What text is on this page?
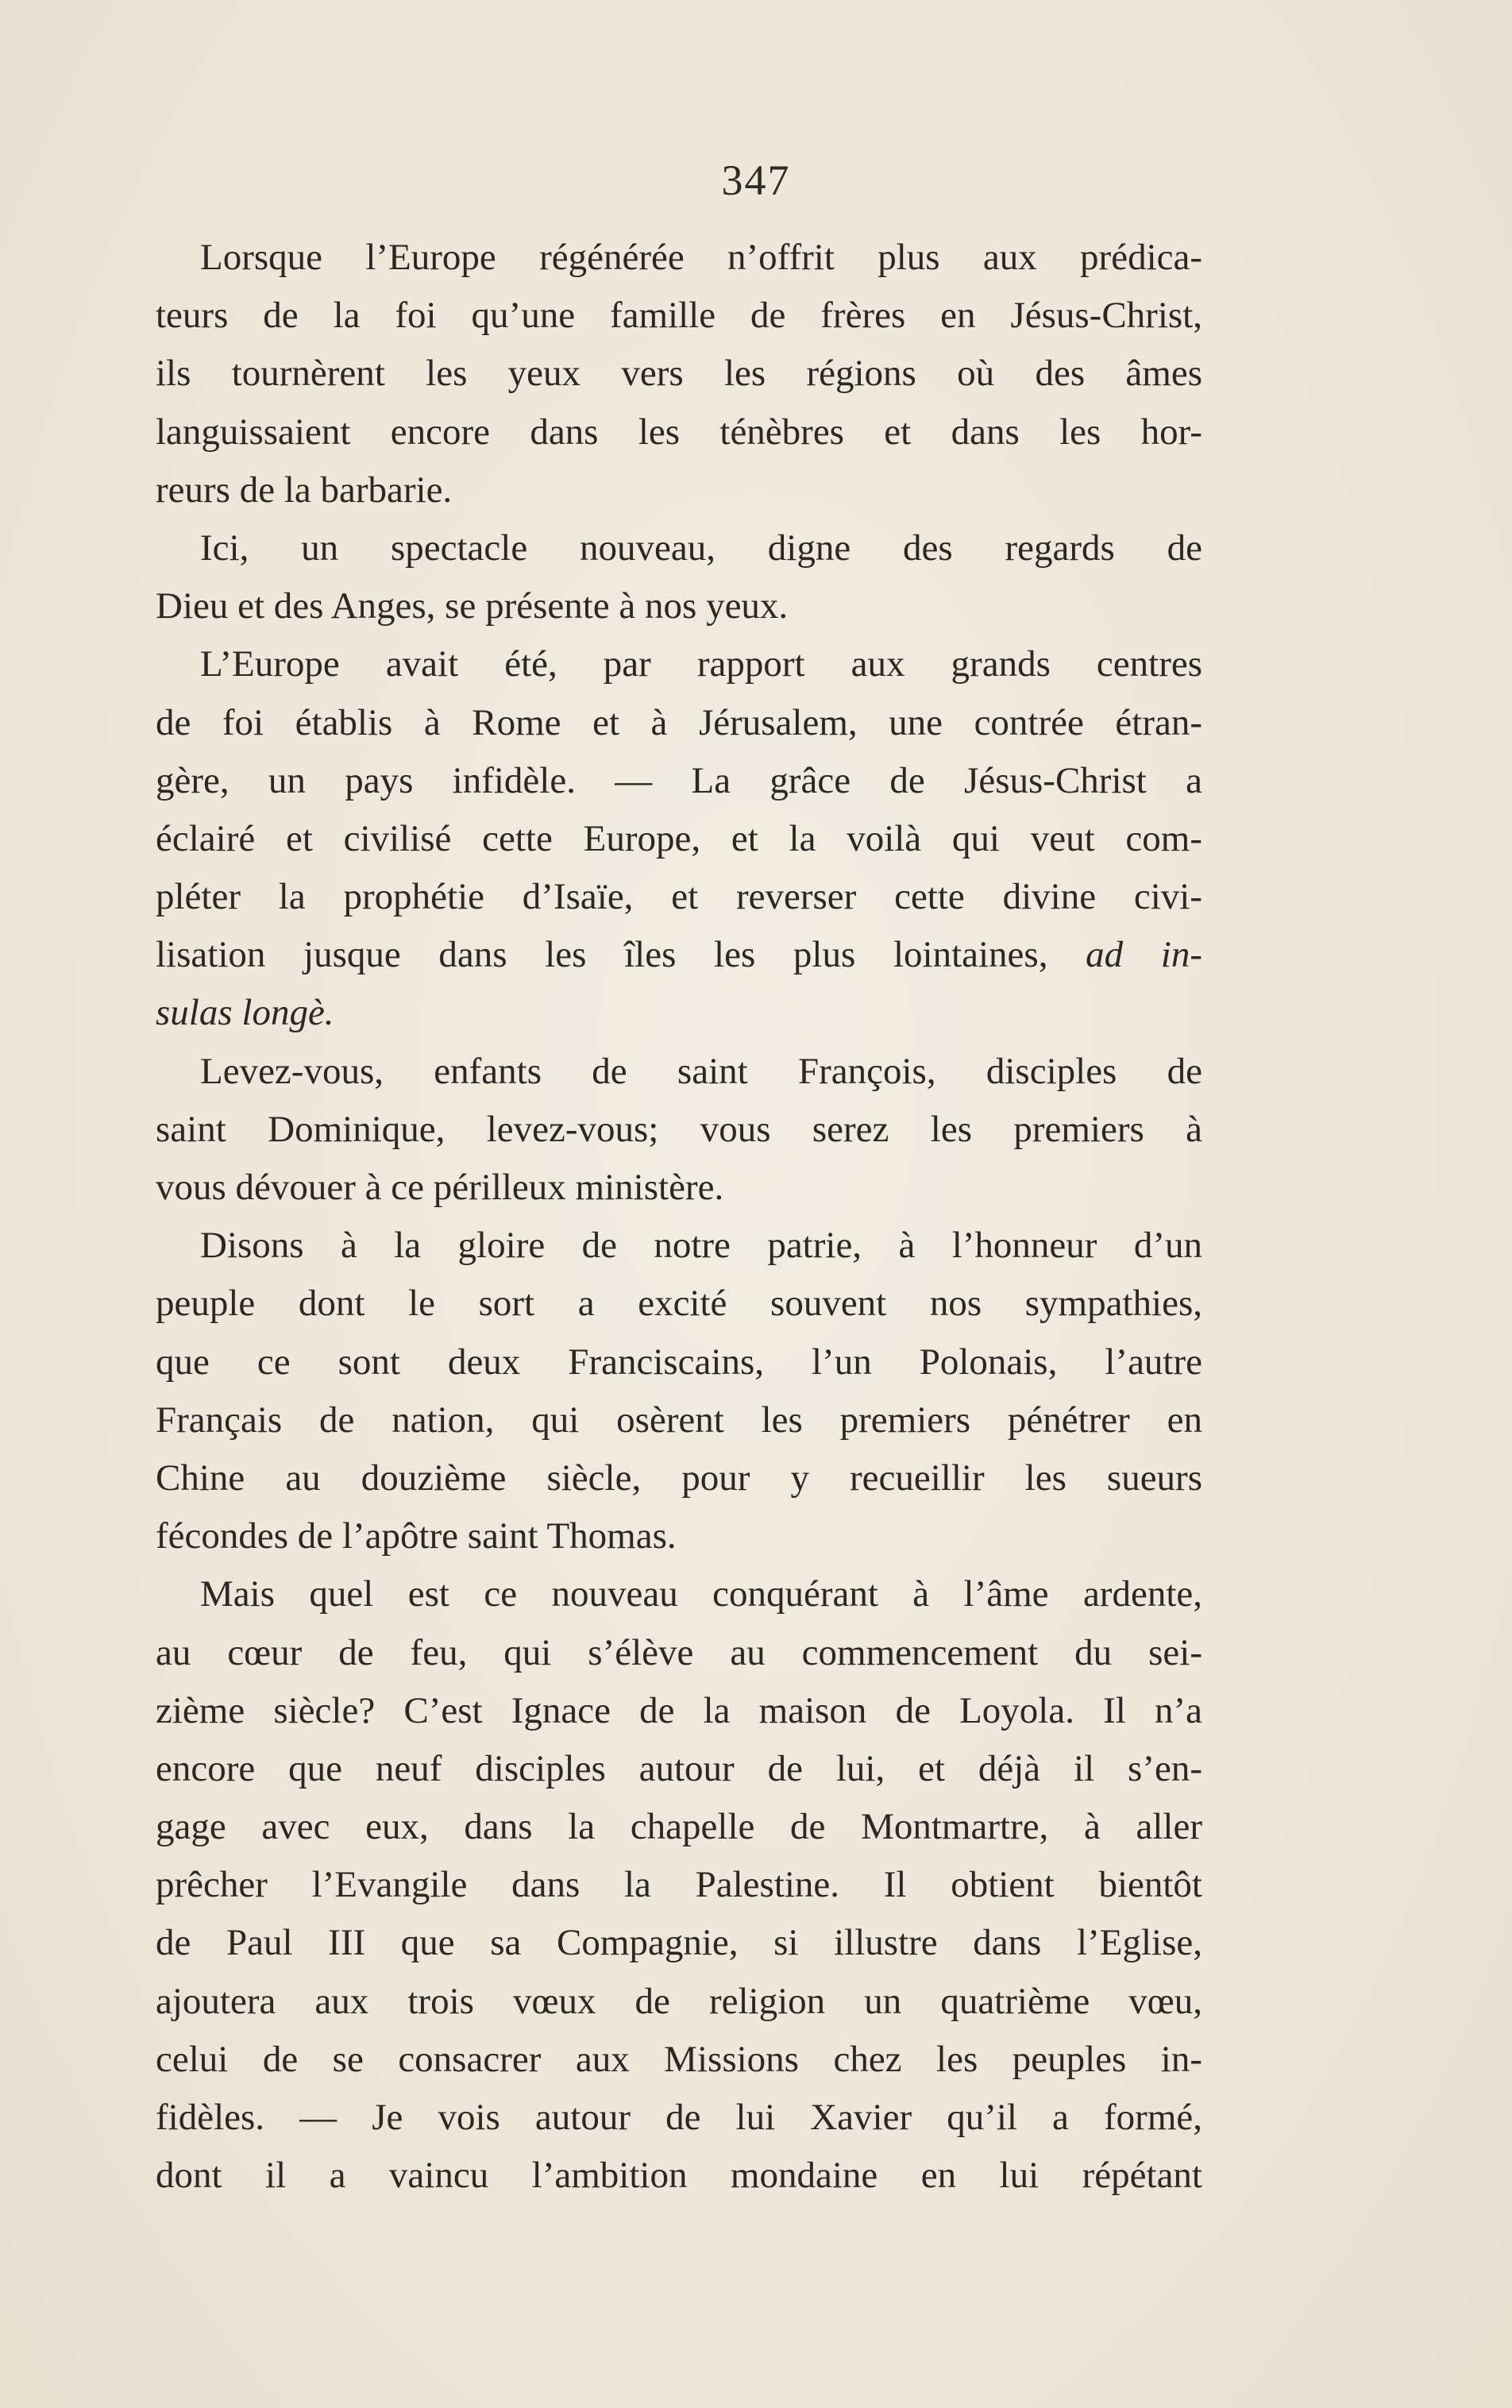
347
Lorsque l’Europe régénérée n’offrit plus aux prédica-
teurs de la foi qu’une famille de frères en Jésus-Christ,
ils tournèrent les yeux vers les régions où des âmes
languissaient encore dans les ténèbres et dans les hor-
reurs de la barbarie.
Ici, un spectacle nouveau, digne des regards de
Dieu et des Anges, se présente à nos yeux.
L’Europe avait été, par rapport aux grands centres
de foi établis à Rome et à Jérusalem, une contrée étran-
gère, un pays infidèle. — La grâce de Jésus-Christ a
éclairé et civilisé cette Europe, et la voilà qui veut com-
pléter la prophétie d’Isaïe, et reverser cette divine civi-
lisation jusque dans les îles les plus lointaines, ad in-
sulas longè.
Levez-vous, enfants de saint François, disciples de
saint Dominique, levez-vous; vous serez les premiers à
vous dévouer à ce périlleux ministère.
Disons à la gloire de notre patrie, à l’honneur d’un
peuple dont le sort a excité souvent nos sympathies,
que ce sont deux Franciscains, l’un Polonais, l’autre
Français de nation, qui osèrent les premiers pénétrer en
Chine au douzième siècle, pour y recueillir les sueurs
fécondes de l’apôtre saint Thomas.
Mais quel est ce nouveau conquérant à l’âme ardente,
au cœur de feu, qui s’élève au commencement du sei-
zième siècle? C’est Ignace de la maison de Loyola. Il n’a
encore que neuf disciples autour de lui, et déjà il s’en-
gage avec eux, dans la chapelle de Montmartre, à aller
prêcher l’Evangile dans la Palestine. Il obtient bientôt
de Paul III que sa Compagnie, si illustre dans l’Eglise,
ajoutera aux trois vœux de religion un quatrième vœu,
celui de se consacrer aux Missions chez les peuples in-
fidèles. — Je vois autour de lui Xavier qu’il a formé,
dont il a vaincu l’ambition mondaine en lui répétant
